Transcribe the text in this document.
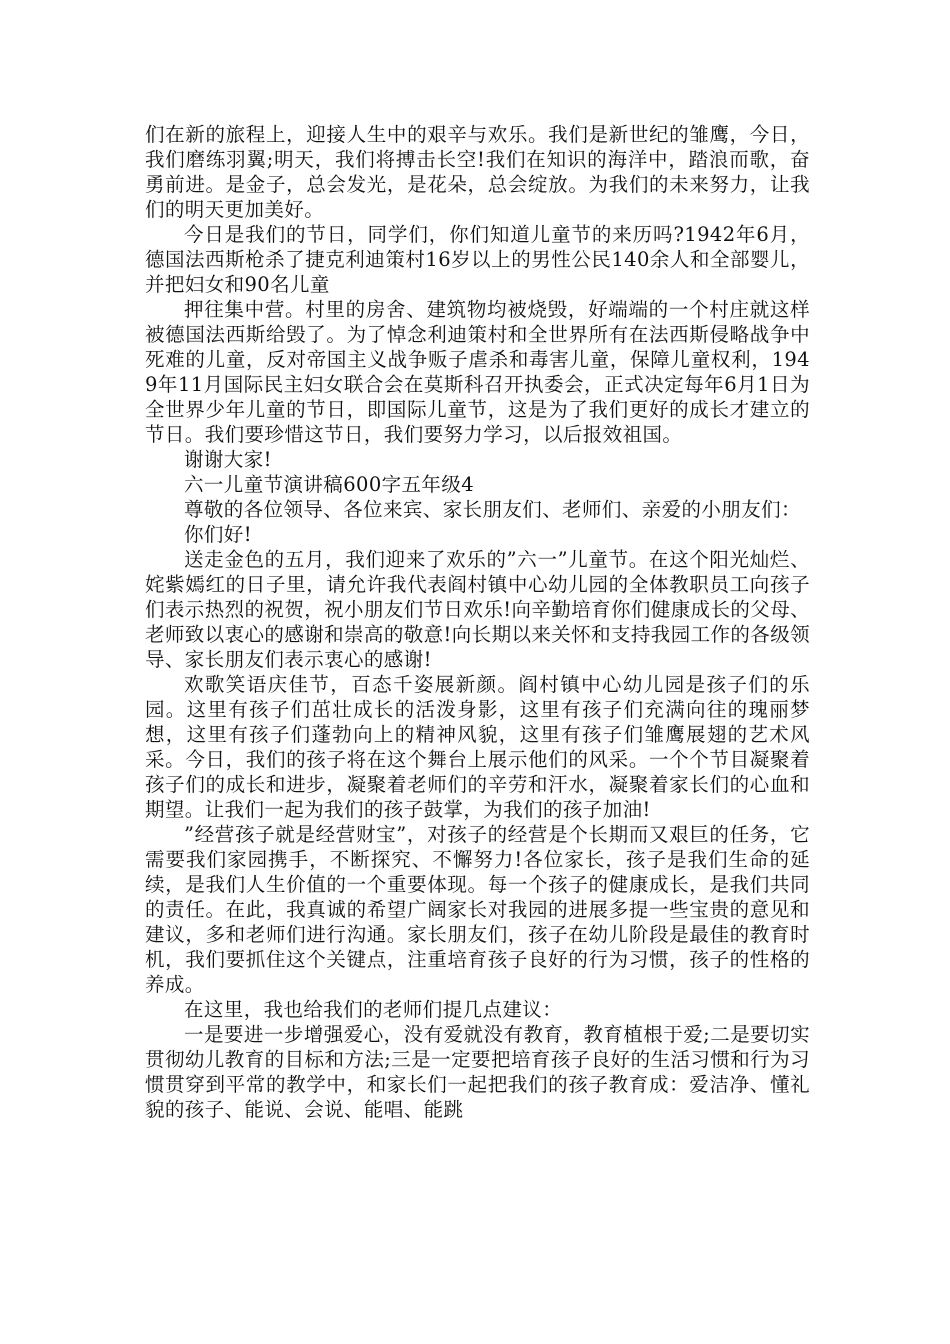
们在新的旅程上，迎接人生中的艰辛与欢乐。我们是新世纪的雏鹰，今日，我们磨练羽翼;明天，我们将搏击长空!我们在知识的海洋中，踏浪而歌，奋勇前进。是金子，总会发光，是花朵，总会绽放。为我们的未来努力，让我们的明天更加美好。

今日是我们的节日，同学们，你们知道儿童节的来历吗?1942年6月，德国法西斯枪杀了捷克利迪策村16岁以上的男性公民140余人和全部婴儿，并把妇女和90名儿童

押往集中营。村里的房舍、建筑物均被烧毁，好端端的一个村庄就这样被德国法西斯给毁了。为了悼念利迪策村和全世界所有在法西斯侵略战争中死难的儿童，反对帝国主义战争贩子虐杀和毒害儿童，保障儿童权利，1949年11月国际民主妇女联合会在莫斯科召开执委会，正式决定每年6月1日为全世界少年儿童的节日，即国际儿童节，这是为了我们更好的成长才建立的节日。我们要珍惜这节日，我们要努力学习，以后报效祖国。

谢谢大家!

六一儿童节演讲稿600字五年级4

尊敬的各位领导、各位来宾、家长朋友们、老师们、亲爱的小朋友们：

你们好!

送走金色的五月，我们迎来了欢乐的”六一”儿童节。在这个阳光灿烂、姹紫嫣红的日子里，请允许我代表阎村镇中心幼儿园的全体教职员工向孩子们表示热烈的祝贺，祝小朋友们节日欢乐!向辛勤培育你们健康成长的父母、老师致以衷心的感谢和崇高的敬意!向长期以来关怀和支持我园工作的各级领导、家长朋友们表示衷心的感谢!

欢歌笑语庆佳节，百态千姿展新颜。阎村镇中心幼儿园是孩子们的乐园。这里有孩子们茁壮成长的活泼身影，这里有孩子们充满向往的瑰丽梦想，这里有孩子们蓬勃向上的精神风貌，这里有孩子们雏鹰展翅的艺术风采。今日，我们的孩子将在这个舞台上展示他们的风采。一个个节目凝聚着孩子们的成长和进步，凝聚着老师们的辛劳和汗水，凝聚着家长们的心血和期望。让我们一起为我们的孩子鼓掌，为我们的孩子加油!

”经营孩子就是经营财宝”，对孩子的经营是个长期而又艰巨的任务，它需要我们家园携手，不断探究、不懈努力!各位家长，孩子是我们生命的延续，是我们人生价值的一个重要体现。每一个孩子的健康成长，是我们共同的责任。在此，我真诚的希望广阔家长对我园的进展多提一些宝贵的意见和建议，多和老师们进行沟通。家长朋友们，孩子在幼儿阶段是最佳的教育时机，我们要抓住这个关键点，注重培育孩子良好的行为习惯，孩子的性格的养成。

在这里，我也给我们的老师们提几点建议：

一是要进一步增强爱心，没有爱就没有教育，教育植根于爱;二是要切实贯彻幼儿教育的目标和方法;三是一定要把培育孩子良好的生活习惯和行为习惯贯穿到平常的教学中，和家长们一起把我们的孩子教育成：爱洁净、懂礼貌的孩子、能说、会说、能唱、能跳
